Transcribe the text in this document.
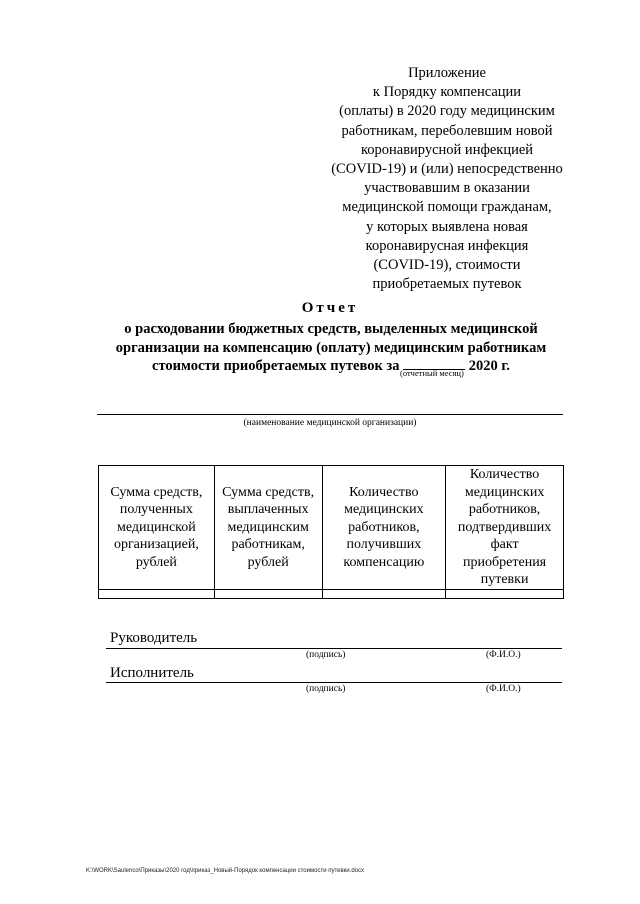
Приложение
к Порядку компенсации
(оплаты) в 2020 году медицинским
работникам, переболевшим новой
коронавирусной инфекцией
(COVID-19) и (или) непосредственно
участвовавшим в оказании
медицинской помощи гражданам,
у которых выявлена новая
коронавирусная инфекция
(COVID-19), стоимости
приобретаемых путевок
Отчет
о расходовании бюджетных средств, выделенных медицинской
организации на компенсацию (оплату) медицинским работникам
стоимости приобретаемых путевок за	2020 г.
(отчетный месяц)
(наименование медицинской организации)
Сумма средств, полученных медицинской организацией, рублей	Сумма средств, выплаченных медицинским работникам, рублей	Количество медицинских работников, получивших компенсацию	Количество медицинских работников, подтвердивших факт приобретения путевки

Руководитель
(подпись)	(Ф.И.О.)
Исполнитель
(подпись)	(Ф.И.О.)
K:\WORK\Saulenco\Приказы\2020 год\приказ_Новый-Порядок компенсации стоимости путевки.docx
